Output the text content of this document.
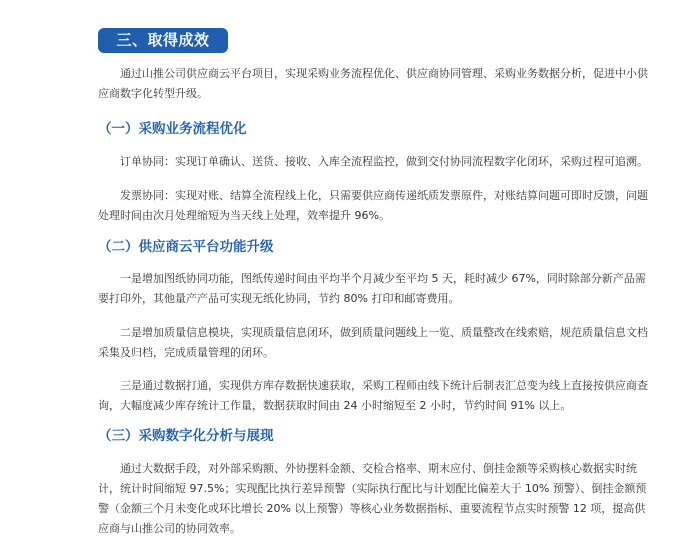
三、取得成效

通过山推公司供应商云平台项目，实现采购业务流程优化、供应商协同管理、采购业务数据分析，促进中小供应商数字化转型升级。

（一）采购业务流程优化

订单协同：实现订单确认、送货、接收、入库全流程监控，做到交付协同流程数字化闭环，采购过程可追溯。

发票协同：实现对账、结算全流程线上化，只需要供应商传递纸质发票原件，对账结算问题可即时反馈，问题处理时间由次月处理缩短为当天线上处理，效率提升 96%。

（二）供应商云平台功能升级

一是增加图纸协同功能，图纸传递时间由平均半个月减少至平均 5 天，耗时减少 67%，同时除部分新产品需要打印外，其他量产产品可实现无纸化协同，节约 80% 打印和邮寄费用。

二是增加质量信息模块，实现质量信息闭环，做到质量问题线上一览、质量整改在线索赔，规范质量信息文档采集及归档，完成质量管理的闭环。

三是通过数据打通，实现供方库存数据快速获取，采购工程师由线下统计后制表汇总变为线上直接按供应商查询，大幅度减少库存统计工作量，数据获取时间由 24 小时缩短至 2 小时，节约时间 91% 以上。

（三）采购数字化分析与展现

通过大数据手段，对外部采购额、外协摆料金额、交检合格率、期末应付、倒挂金额等采购核心数据实时统计，统计时间缩短 97.5%；实现配比执行差异预警（实际执行配比与计划配比偏差大于 10% 预警）、倒挂金额预警（金额三个月未变化或环比增长 20% 以上预警）等核心业务数据指标、重要流程节点实时预警 12 项，提高供应商与山推公司的协同效率。
